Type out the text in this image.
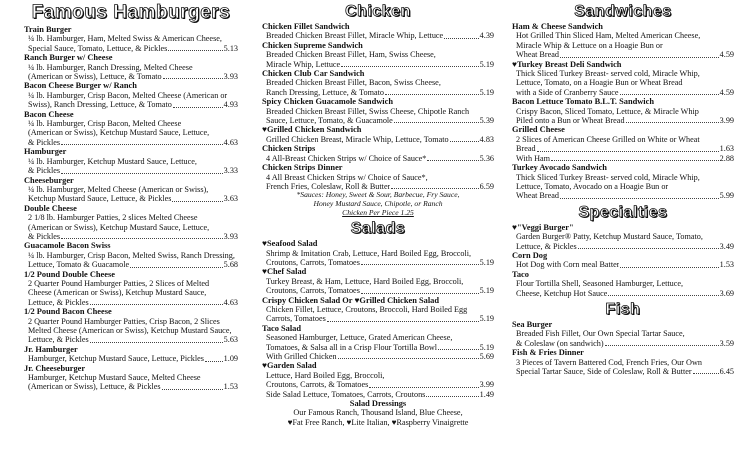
Famous Hamburgers
Train Burger
¼ lb. Hamburger, Ham, Melted Swiss & American Cheese,
Special Sauce, Tomato, Lettuce, & Pickles	5.13
Ranch Burger w/ Cheese
¼ lb. Hamburger, Ranch Dressing, Melted Cheese
(American or Swiss), Lettuce, & Tomato	3.93
Bacon Cheese Burger w/ Ranch
¼ lb. Hamburger, Crisp Bacon, Melted Cheese (American or
Swiss), Ranch Dressing, Lettuce, & Tomato	4.93
Bacon Cheese
¼ lb. Hamburger, Crisp Bacon, Melted Cheese
(American or Swiss), Ketchup Mustard Sauce, Lettuce,
& Pickles	4.63
Hamburger
¼ lb. Hamburger, Ketchup Mustard Sauce, Lettuce,
& Pickles	3.33
Cheeseburger
¼ lb. Hamburger, Melted Cheese (American or Swiss),
Ketchup Mustard Sauce, Lettuce, & Pickles	3.63
Double Cheese
2 1/8 lb. Hamburger Patties, 2 slices Melted Cheese
(American or Swiss), Ketchup Mustard Sauce, Lettuce,
& Pickles	3.93
Guacamole Bacon Swiss
¼ lb. Hamburger, Crisp Bacon, Melted Swiss, Ranch Dressing,
Lettuce, Tomato & Guacamole	5.68
1/2 Pound Double Cheese
2 Quarter Pound Hamburger Patties, 2 Slices of Melted
Cheese (American or Swiss), Ketchup Mustard Sauce,
Lettuce, & Pickles	4.63
1/2 Pound Bacon Cheese
2 Quarter Pound Hamburger Patties, Crisp Bacon, 2 Slices
Melted Cheese (American or Swiss), Ketchup Mustard Sauce,
Lettuce, & Pickles	5.63
Jr. Hamburger
Hamburger, Ketchup Mustard Sauce, Lettuce, Pickles 1.09
Jr. Cheeseburger
Hamburger, Ketchup Mustard Sauce, Melted Cheese
(American or Swiss), Lettuce, & Pickles	1.53
Chicken
Chicken Fillet Sandwich
Breaded Chicken Breast Fillet, Miracle Whip, Lettuce	4.39
Chicken Supreme Sandwich
Breaded Chicken Breast Fillet, Ham, Swiss Cheese,
Miracle Whip, Lettuce	5.19
Chicken Club Car Sandwich
Breaded Chicken Breast Fillet, Bacon, Swiss Cheese,
Ranch Dressing, Lettuce, & Tomato	5.19
Spicy Chicken Guacamole Sandwich
Breaded Chicken Breast Fillet, Swiss Cheese, Chipotle Ranch
Sauce, Lettuce, Tomato, & Guacamole	5.39
♥Grilled Chicken Sandwich
Grilled Chicken Breast, Miracle Whip, Lettuce, Tomato	4.83
Chicken Strips
4 All-Breast Chicken Strips w/ Choice of Sauce*	5.36
Chicken Strips Dinner
4 All Breast Chicken Strips w/ Choice of Sauce*,
French Fries, Coleslaw, Roll & Butter	6.59
*Sauces: Honey, Sweet & Sour, Barbecue, Fry Sauce,
Honey Mustard Sauce, Chipotle, or Ranch
Chicken Per Piece 1.25
Salads
♥Seafood Salad
Shrimp & Imitation Crab, Lettuce, Hard Boiled Egg, Broccoli,
Croutons, Carrots, Tomatoes	5.19
♥Chef Salad
Turkey Breast, & Ham, Lettuce, Hard Boiled Egg, Broccoli,
Croutons, Carrots, Tomatoes	5.19
Crispy Chicken Salad Or ♥Grilled Chicken Salad
Chicken Fillet, Lettuce, Croutons, Broccoli, Hard Boiled Egg
Carrots, Tomatoes	5.19
Taco Salad
Seasoned Hamburger, Lettuce, Grated American Cheese,
Tomatoes, & Salsa all in a Crisp Flour Tortilla Bowl	5.19
With Grilled Chicken	5.69
♥Garden Salad
Lettuce, Hard Boiled Egg, Broccoli,
Croutons, Carrots, & Tomatoes	3.99
Side Salad Lettuce, Tomatoes, Carrots, Croutons	1.49
Salad Dressings
Our Famous Ranch, Thousand Island, Blue Cheese,
♥Fat Free Ranch, ♥Lite Italian, ♥Raspberry Vinaigrette
Sandwiches
Ham & Cheese Sandwich
Hot Grilled Thin Sliced Ham, Melted American Cheese,
Miracle Whip & Lettuce on a Hoagie Bun or
Wheat Bread	4.59
♥Turkey Breast Deli Sandwich
Thick Sliced Turkey Breast- served cold, Miracle Whip,
Lettuce, Tomato, on a Hoagie Bun or Wheat Bread
with a Side of Cranberry Sauce	4.59
Bacon Lettuce Tomato B.L.T. Sandwich
Crispy Bacon, Sliced Tomato, Lettuce, & Miracle Whip
Piled onto a Bun or Wheat Bread	3.99
Grilled Cheese
2 Slices of American Cheese Grilled on White or Wheat
Bread	1.63
With Ham	2.88
Turkey Avocado Sandwich
Thick Sliced Turkey Breast- served cold, Miracle Whip,
Lettuce, Tomato, Avocado on a Hoagie Bun or
Wheat Bread	5.99
Specialties
♥"Veggi Burger"
Garden Burger® Patty, Ketchup Mustard Sauce, Tomato,
Lettuce, & Pickles	3.49
Corn Dog
Hot Dog with Corn meal Batter	1.53
Taco
Flour Tortilla Shell, Seasoned Hamburger, Lettuce,
Cheese, Ketchup Hot Sauce	3.69
Fish
Sea Burger
Breaded Fish Fillet, Our Own Special Tartar Sauce,
& Coleslaw (on sandwich)	3.59
Fish & Fries Dinner
3 Pieces of Tavern Battered Cod, French Fries, Our Own
Special Tartar Sauce, Side of Coleslaw, Roll & Butter	6.45
